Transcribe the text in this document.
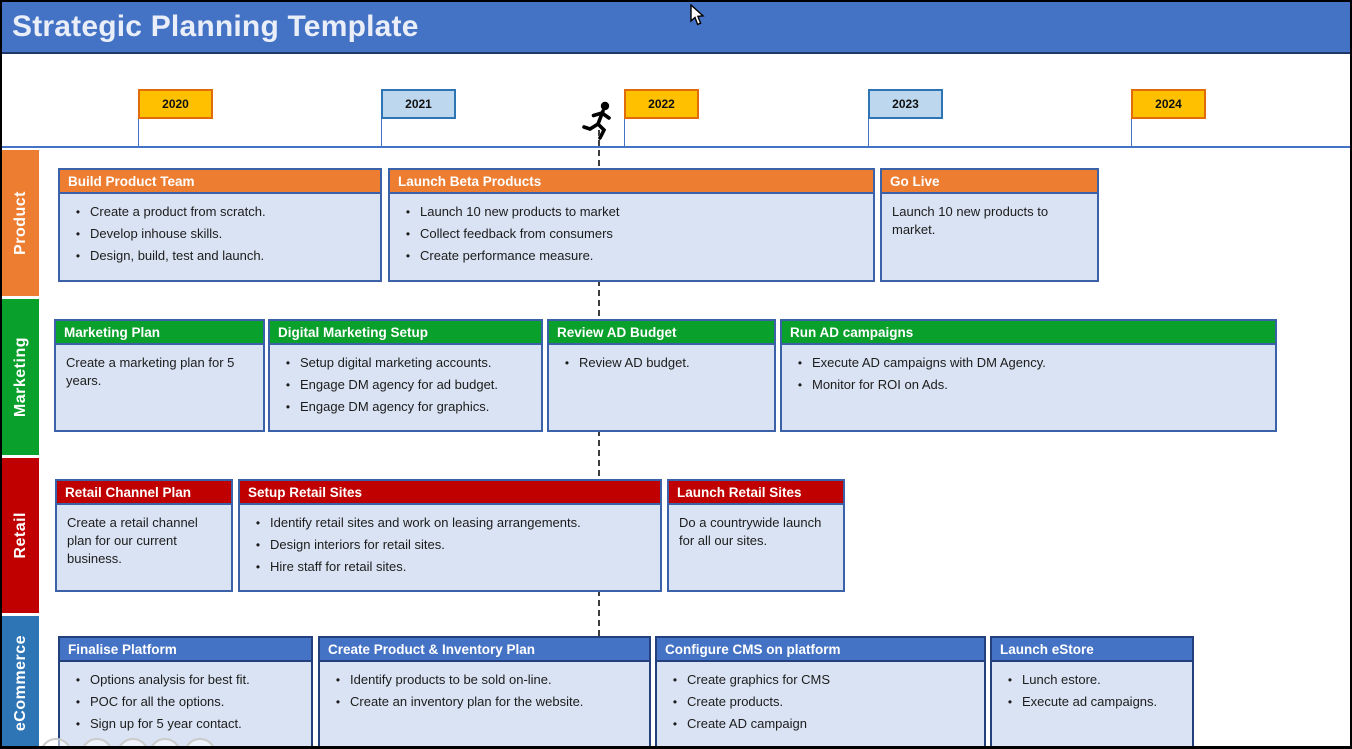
Strategic Planning Template
2020	2021	2022	2023	2024
Product
Marketing
Retail
eCommerce
Build Product Team
• Create a product from scratch.
• Develop inhouse skills.
• Design, build, test and launch.
Launch Beta Products
• Launch 10 new products to market
• Collect feedback from consumers
• Create performance measure.
Go Live
Launch 10 new products to market.
Marketing Plan
Create a marketing plan for 5 years.
Digital Marketing Setup
• Setup digital marketing accounts.
• Engage DM agency for ad budget.
• Engage DM agency for graphics.
Review AD Budget
• Review AD budget.
Run AD campaigns
• Execute AD campaigns with DM Agency.
• Monitor for ROI on Ads.
Retail Channel Plan
Create a retail channel plan for our current business.
Setup Retail Sites
• Identify retail sites and work on leasing arrangements.
• Design interiors for retail sites.
• Hire staff for retail sites.
Launch Retail Sites
Do a countrywide launch for all our sites.
Finalise Platform
• Options analysis for best fit.
• POC for all the options.
• Sign up for 5 year contact.
Create Product & Inventory Plan
• Identify products to be sold on-line.
• Create an inventory plan for the website.
Configure CMS on platform
• Create graphics for CMS
• Create products.
• Create AD campaign
Launch eStore
• Lunch estore.
• Execute ad campaigns.
